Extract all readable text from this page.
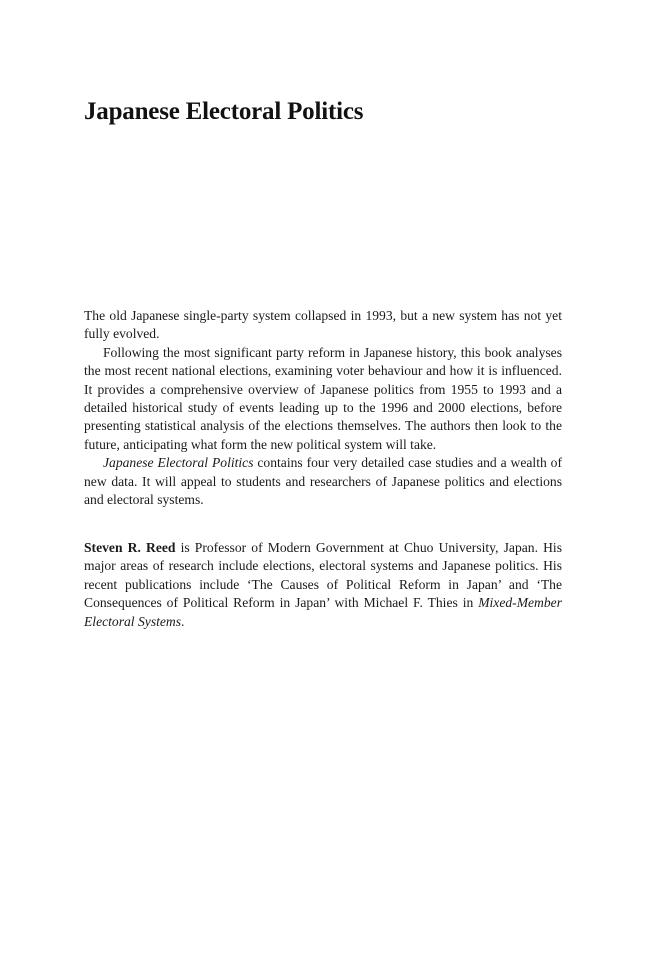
Japanese Electoral Politics

The old Japanese single-party system collapsed in 1993, but a new system has not yet fully evolved.

Following the most significant party reform in Japanese history, this book analyses the most recent national elections, examining voter behaviour and how it is influenced. It provides a comprehensive overview of Japanese politics from 1955 to 1993 and a detailed historical study of events leading up to the 1996 and 2000 elections, before presenting statistical analysis of the elections themselves. The authors then look to the future, anticipating what form the new political system will take.

Japanese Electoral Politics contains four very detailed case studies and a wealth of new data. It will appeal to students and researchers of Japanese politics and elections and electoral systems.

Steven R. Reed is Professor of Modern Government at Chuo University, Japan. His major areas of research include elections, electoral systems and Japanese politics. His recent publications include ‘The Causes of Political Reform in Japan’ and ‘The Consequences of Political Reform in Japan’ with Michael F. Thies in Mixed-Member Electoral Systems.
